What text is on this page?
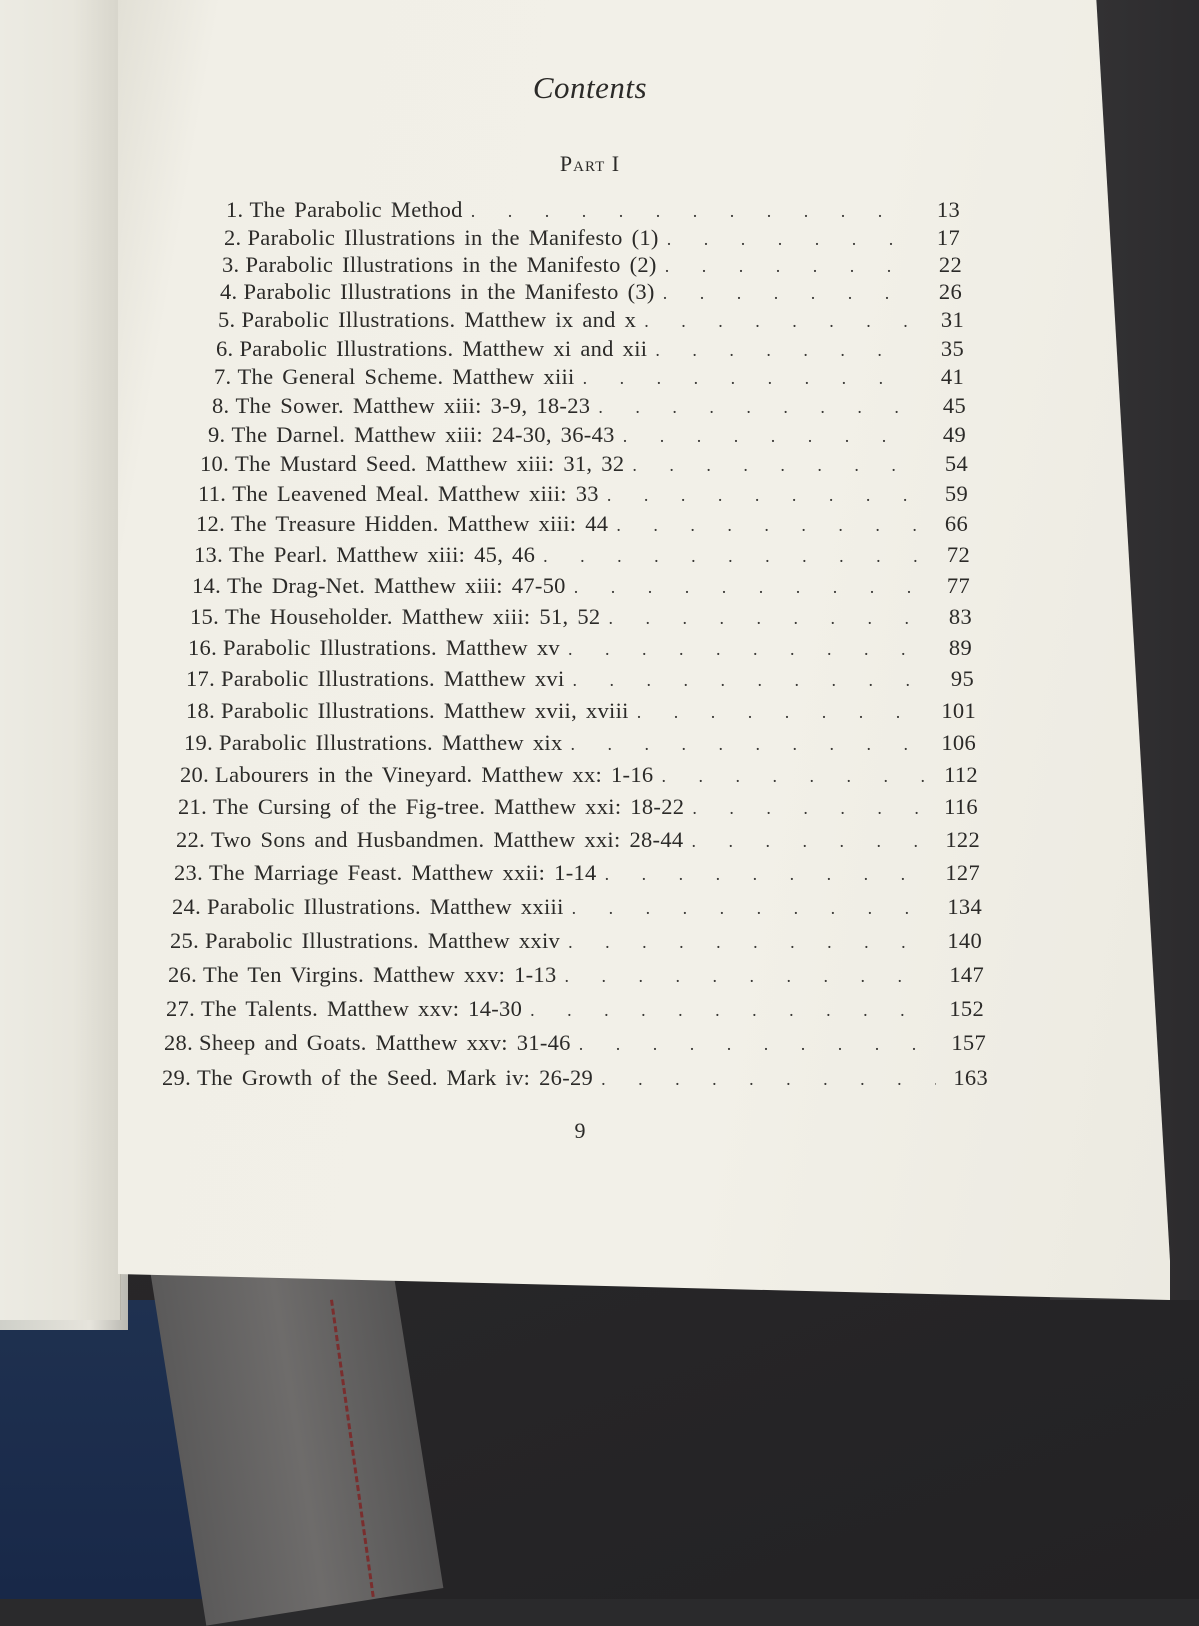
Contents
Part I
1. The Parabolic Method . . .	13
2. Parabolic Illustrations in the Manifesto (1) . . .	17
3. Parabolic Illustrations in the Manifesto (2) . . .	22
4. Parabolic Illustrations in the Manifesto (3) . . .	26
5. Parabolic Illustrations. Matthew ix and x . . .	31
6. Parabolic Illustrations. Matthew xi and xii . . .	35
7. The General Scheme. Matthew xiii . . .	41
8. The Sower. Matthew xiii: 3-9, 18-23 . . .	45
9. The Darnel. Matthew xiii: 24-30, 36-43 . . .	49
10. The Mustard Seed. Matthew xiii: 31, 32 . . .	54
11. The Leavened Meal. Matthew xiii: 33 . . .	59
12. The Treasure Hidden. Matthew xiii: 44 . . .	66
13. The Pearl. Matthew xiii: 45, 46 . . .	72
14. The Drag-Net. Matthew xiii: 47-50 . . .	77
15. The Householder. Matthew xiii: 51, 52 . . .	83
16. Parabolic Illustrations. Matthew xv . . .	89
17. Parabolic Illustrations. Matthew xvi . . .	95
18. Parabolic Illustrations. Matthew xvii, xviii . . .	101
19. Parabolic Illustrations. Matthew xix . . .	106
20. Labourers in the Vineyard. Matthew xx: 1-16 . . .	112
21. The Cursing of the Fig-tree. Matthew xxi: 18-22 . . .	116
22. Two Sons and Husbandmen. Matthew xxi: 28-44 . . .	122
23. The Marriage Feast. Matthew xxii: 1-14 . . .	127
24. Parabolic Illustrations. Matthew xxiii . . .	134
25. Parabolic Illustrations. Matthew xxiv . . .	140
26. The Ten Virgins. Matthew xxv: 1-13 . . .	147
27. The Talents. Matthew xxv: 14-30 . . .	152
28. Sheep and Goats. Matthew xxv: 31-46 . . .	157
29. The Growth of the Seed. Mark iv: 26-29 . . .	163
9
